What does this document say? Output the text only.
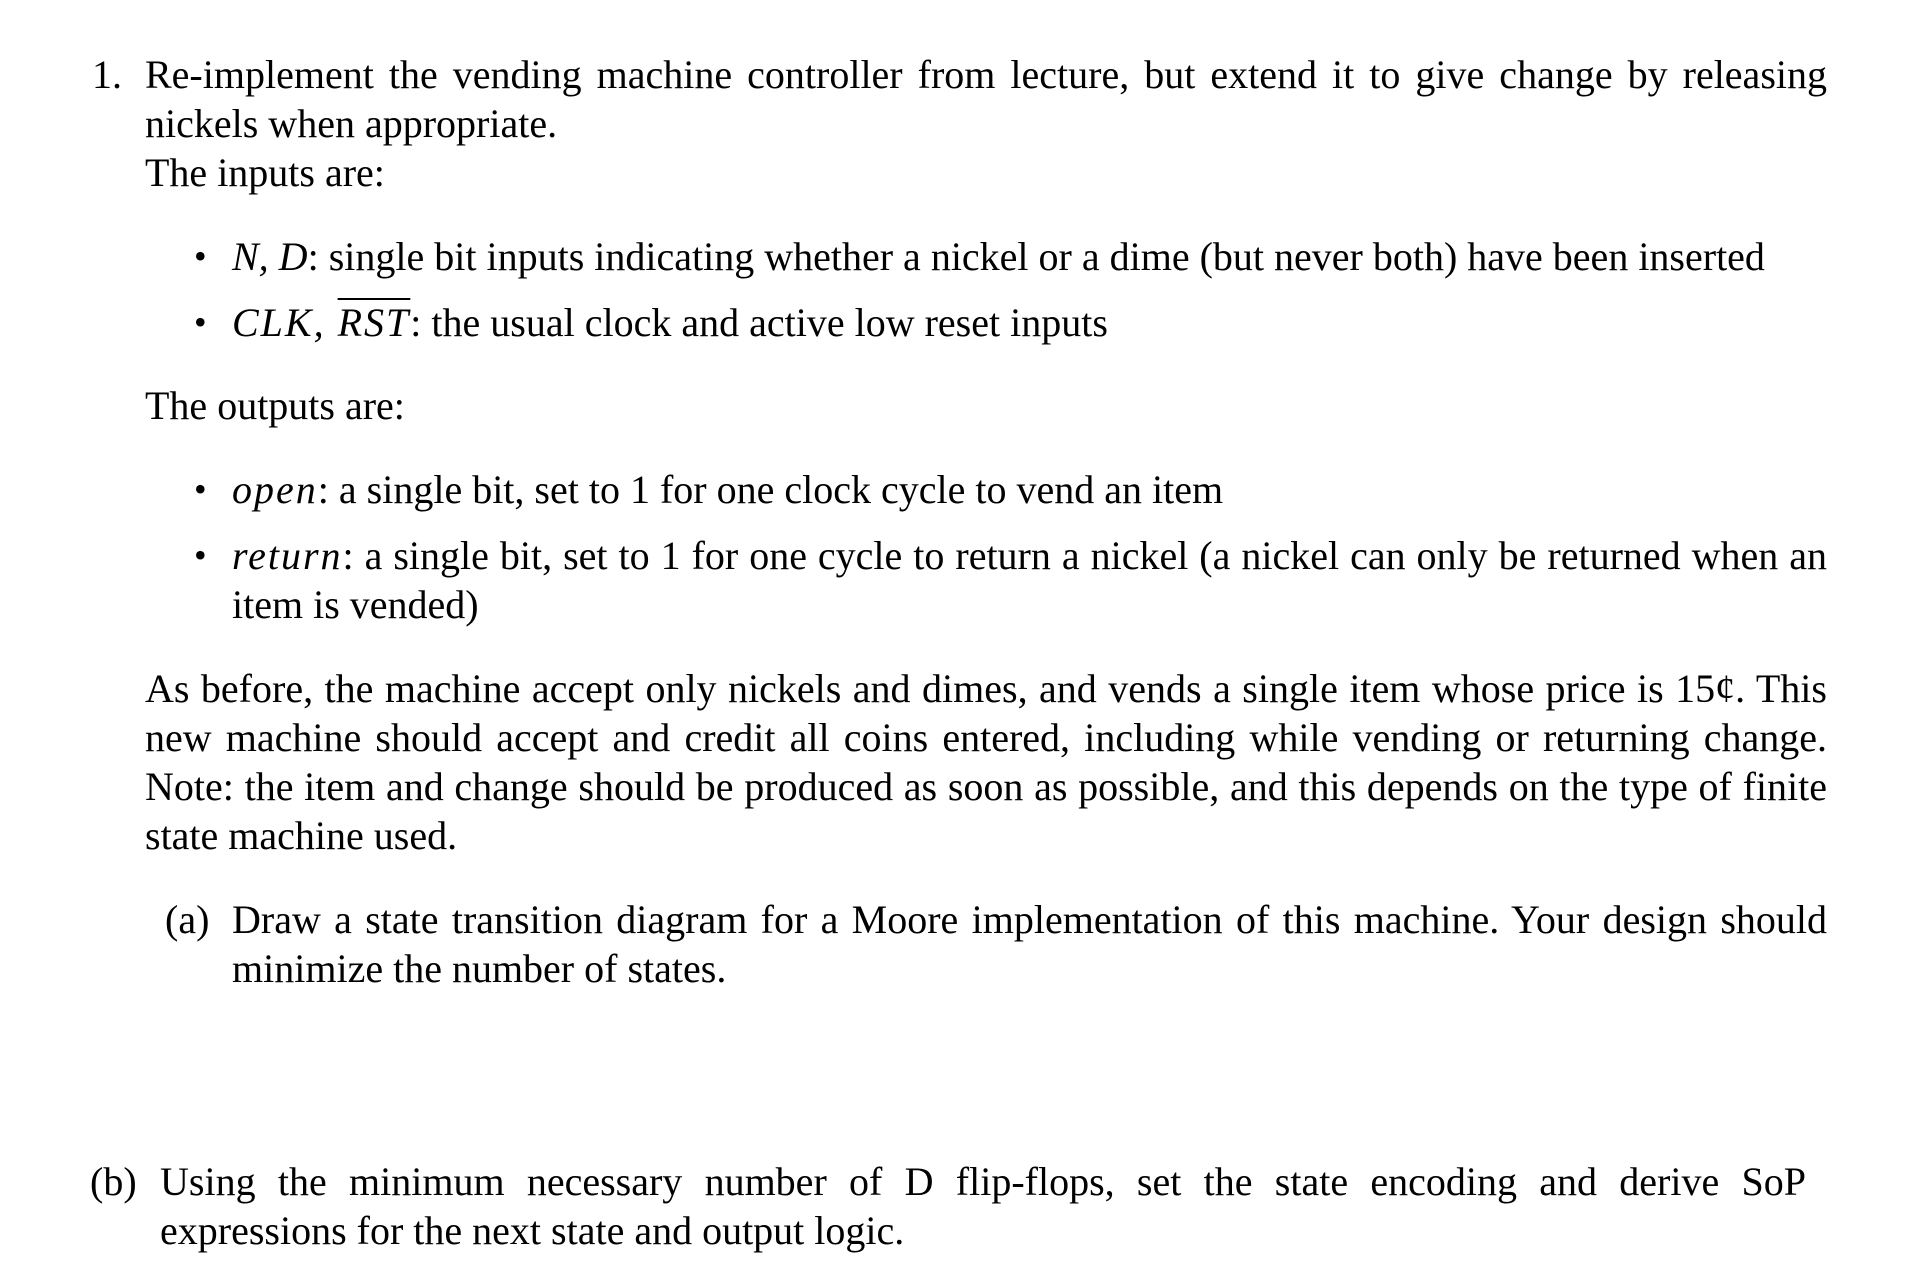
1. Re-implement the vending machine controller from lecture, but extend it to give change by releasing
nickels when appropriate.
The inputs are:
• N, D: single bit inputs indicating whether a nickel or a dime (but never both) have been inserted
• CLK, $\overline{RST}$: the usual clock and active low reset inputs
The outputs are:
• open: a single bit, set to 1 for one clock cycle to vend an item
• return: a single bit, set to 1 for one cycle to return a nickel (a nickel can only be returned when an
item is vended)
As before, the machine accept only nickels and dimes, and vends a single item whose price is 15¢. This
new machine should accept and credit all coins entered, including while vending or returning change.
Note: the item and change should be produced as soon as possible, and this depends on the type of finite
state machine used.
(a) Draw a state transition diagram for a Moore implementation of this machine. Your design should
minimize the number of states.
(b) Using the minimum necessary number of D flip-flops, set the state encoding and derive SoP
expressions for the next state and output logic.
